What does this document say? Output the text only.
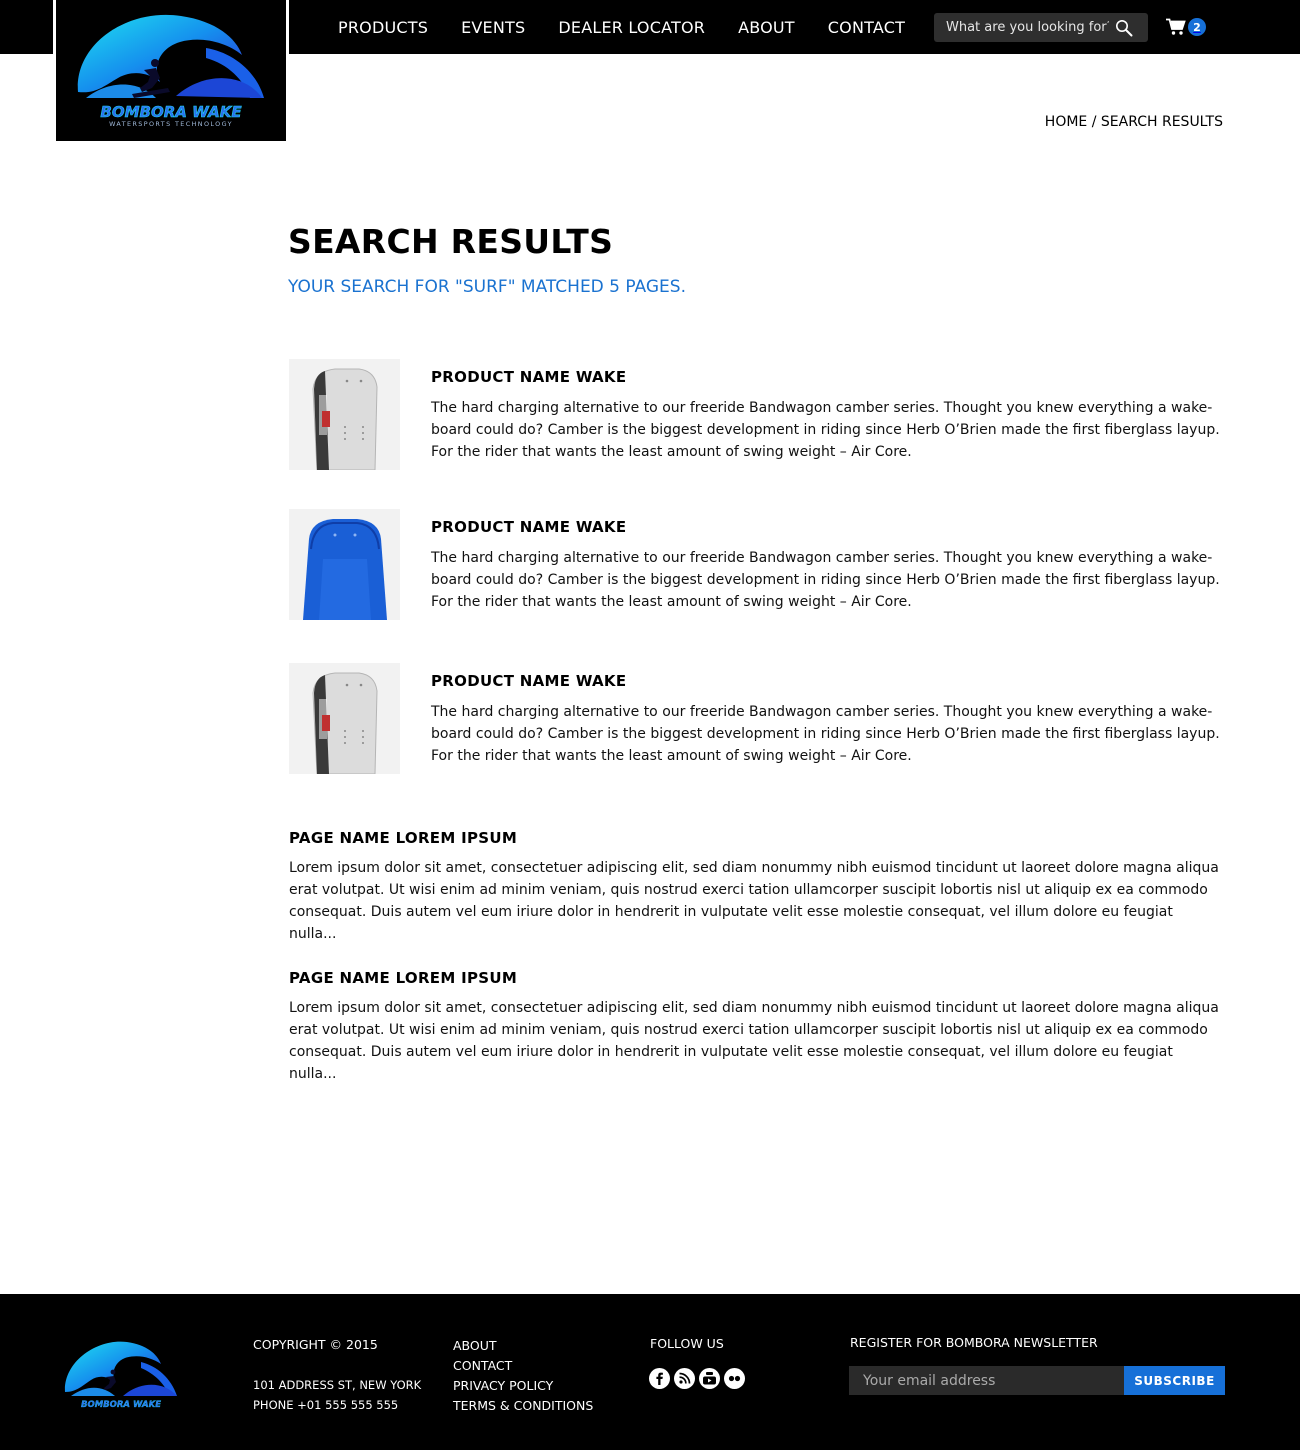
BOMBORA WAKE
WATERSPORTS TECHNOLOGY
PRODUCTS EVENTS DEALER LOCATOR ABOUT CONTACT
What are you looking for?	2
HOME / SEARCH RESULTS
SEARCH RESULTS
YOUR SEARCH FOR "SURF" MATCHED 5 PAGES.
PRODUCT NAME WAKE

The hard charging alternative to our freeride Bandwagon camber series. Thought you knew everything a wake-board could do? Camber is the biggest development in riding since Herb O’Brien made the first fiberglass layup. For the rider that wants the least amount of swing weight – Air Core.

PRODUCT NAME WAKE

The hard charging alternative to our freeride Bandwagon camber series. Thought you knew everything a wake-board could do? Camber is the biggest development in riding since Herb O’Brien made the first fiberglass layup. For the rider that wants the least amount of swing weight – Air Core.

PRODUCT NAME WAKE

The hard charging alternative to our freeride Bandwagon camber series. Thought you knew everything a wake-board could do? Camber is the biggest development in riding since Herb O’Brien made the first fiberglass layup. For the rider that wants the least amount of swing weight – Air Core.

PAGE NAME LOREM IPSUM

Lorem ipsum dolor sit amet, consectetuer adipiscing elit, sed diam nonummy nibh euismod tincidunt ut laoreet dolore magna aliqua erat volutpat. Ut wisi enim ad minim veniam, quis nostrud exerci tation ullamcorper suscipit lobortis nisl ut aliquip ex ea commodo consequat. Duis autem vel eum iriure dolor in hendrerit in vulputate velit esse molestie consequat, vel illum dolore eu feugiat nulla...

PAGE NAME LOREM IPSUM

Lorem ipsum dolor sit amet, consectetuer adipiscing elit, sed diam nonummy nibh euismod tincidunt ut laoreet dolore magna aliqua erat volutpat. Ut wisi enim ad minim veniam, quis nostrud exerci tation ullamcorper suscipit lobortis nisl ut aliquip ex ea commodo consequat. Duis autem vel eum iriure dolor in hendrerit in vulputate velit esse molestie consequat, vel illum dolore eu feugiat nulla...

BOMBORA WAKE
COPYRIGHT © 2015
101 ADDRESS ST, NEW YORK
PHONE +01 555 555 555
ABOUT
CONTACT
PRIVACY POLICY
TERMS & CONDITIONS
FOLLOW US	REGISTER FOR BOMBORA NEWSLETTER
Your email address
SUBSCRIBE
